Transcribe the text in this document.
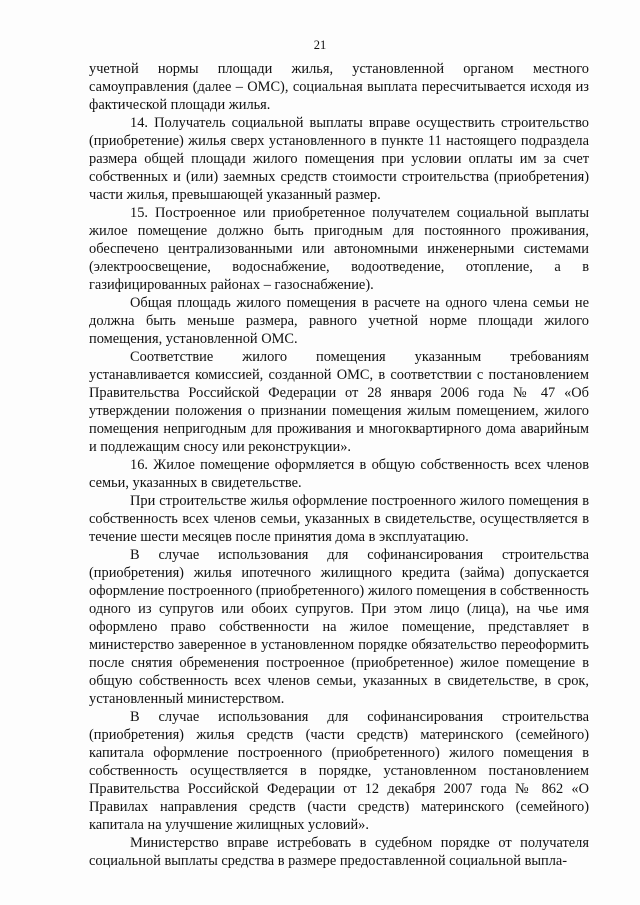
21

учетной нормы площади жилья, установленной органом местного самоуправления (далее – ОМС), социальная выплата пересчитывается исходя из фактической площади жилья.

14. Получатель социальной выплаты вправе осуществить строительство (приобретение) жилья сверх установленного в пункте 11 настоящего подраздела размера общей площади жилого помещения при условии оплаты им за счет собственных и (или) заемных средств стоимости строительства (приобретения) части жилья, превышающей указанный размер.

15. Построенное или приобретенное получателем социальной выплаты жилое помещение должно быть пригодным для постоянного проживания, обеспечено централизованными или автономными инженерными системами (электроосвещение, водоснабжение, водоотведение, отопление, а в газифицированных районах – газоснабжение).

Общая площадь жилого помещения в расчете на одного члена семьи не должна быть меньше размера, равного учетной норме площади жилого помещения, установленной ОМС.

Соответствие жилого помещения указанным требованиям устанавливается комиссией, созданной ОМС, в соответствии с постановлением Правительства Российской Федерации от 28 января 2006 года № 47 «Об утверждении положения о признании помещения жилым помещением, жилого помещения непригодным для проживания и многоквартирного дома аварийным и подлежащим сносу или реконструкции».

16. Жилое помещение оформляется в общую собственность всех членов семьи, указанных в свидетельстве.

При строительстве жилья оформление построенного жилого помещения в собственность всех членов семьи, указанных в свидетельстве, осуществляется в течение шести месяцев после принятия дома в эксплуатацию.

В случае использования для софинансирования строительства (приобретения) жилья ипотечного жилищного кредита (займа) допускается оформление построенного (приобретенного) жилого помещения в собственность одного из супругов или обоих супругов. При этом лицо (лица), на чье имя оформлено право собственности на жилое помещение, представляет в министерство заверенное в установленном порядке обязательство переоформить после снятия обременения построенное (приобретенное) жилое помещение в общую собственность всех членов семьи, указанных в свидетельстве, в срок, установленный министерством.

В случае использования для софинансирования строительства (приобретения) жилья средств (части средств) материнского (семейного) капитала оформление построенного (приобретенного) жилого помещения в собственность осуществляется в порядке, установленном постановлением Правительства Российской Федерации от 12 декабря 2007 года № 862 «О Правилах направления средств (части средств) материнского (семейного) капитала на улучшение жилищных условий».

Министерство вправе истребовать в судебном порядке от получателя социальной выплаты средства в размере предоставленной социальной выпла-
